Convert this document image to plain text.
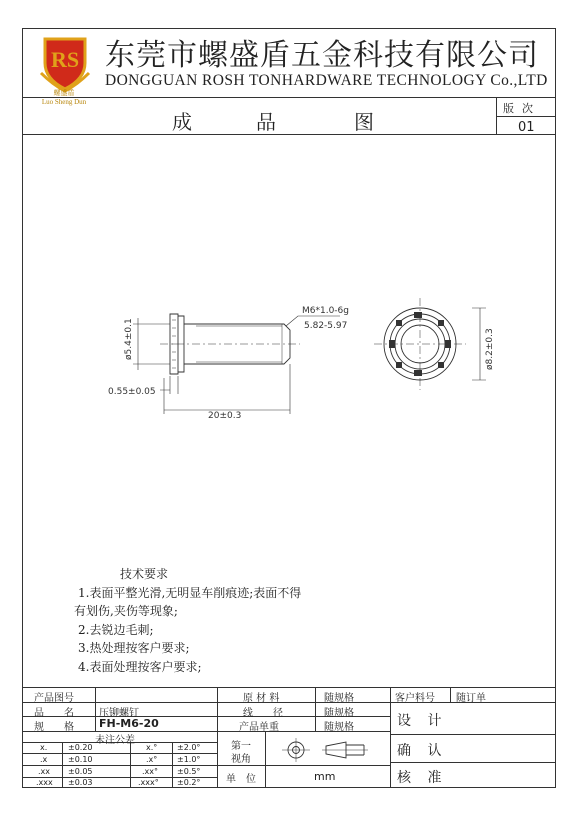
RS
螺盛盾
Luo Sheng Dun
东莞市螺盛盾五金科技有限公司
DONGGUAN ROSH TONHARDWARE TECHNOLOGY Co.,LTD
成	品	图
版次
01
ø5.4±0.1
0.55±0.05
20±0.3
M6*1.0-6g
5.82-5.97
ø8.2±0.3
技术要求
1.表面平整光滑,无明显车削痕迹;表面不得
有划伤,夹伤等现象;
2.去锐边毛刺;
3.热处理按客户要求;
4.表面处理按客户要求;
产品图号
品　　名	压铆螺钉
规　　格 FH-M6-20
原 材 料	随规格
线　　径	随规格
产品单重	随规格
客户料号 随订单
未注公差
x.	±0.20	x.° ±2.0°
.x	±0.10	.x° ±1.0°
.xx ±0.05	.xx° ±0.5°
.xxx ±0.03	.xxx° ±0.2°
第一
视角
单　位	mm
设 计
确 认
核 准
